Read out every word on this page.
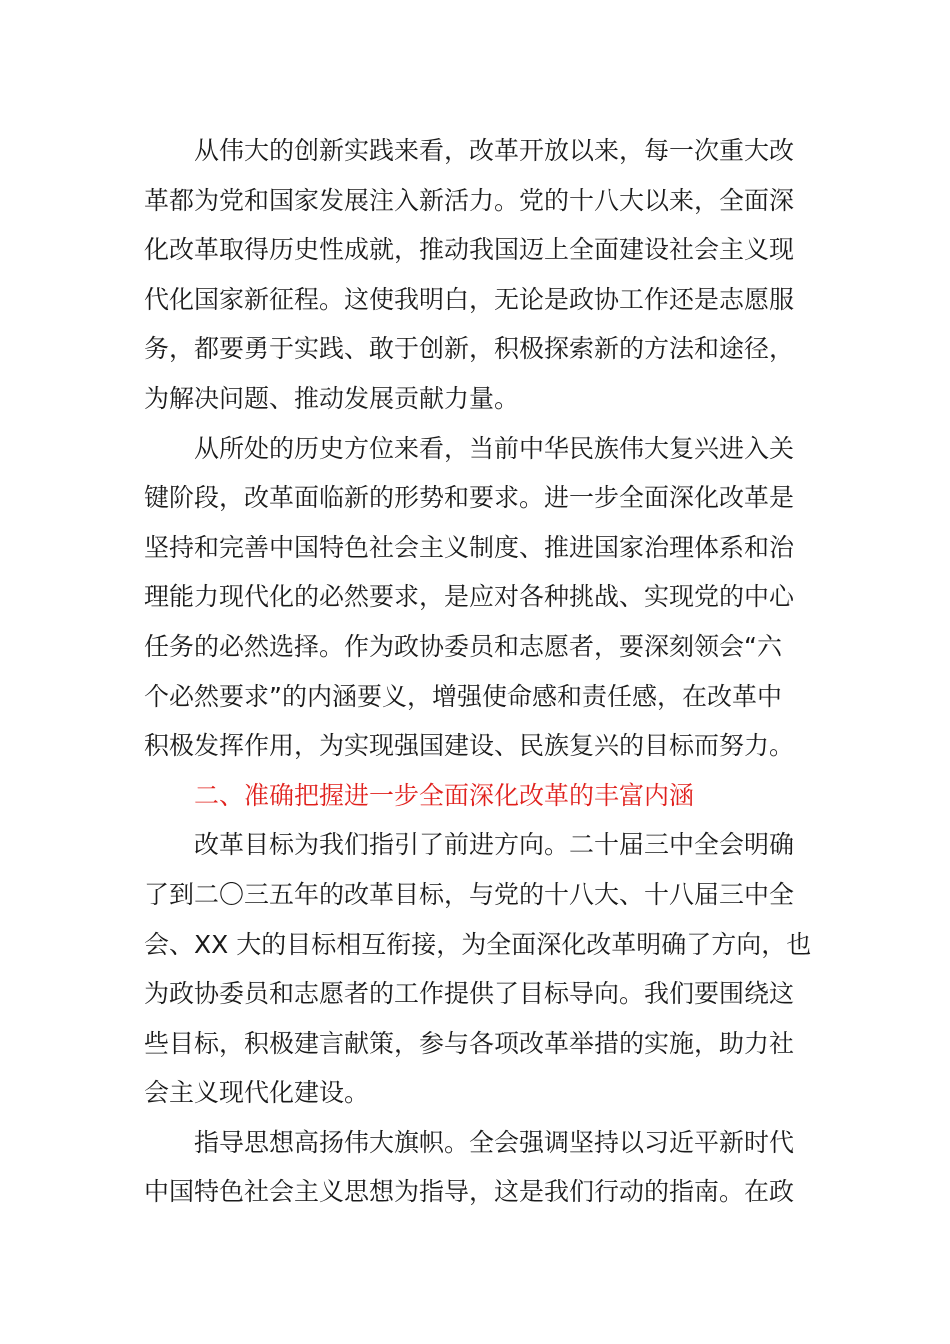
从伟大的创新实践来看，改革开放以来，每一次重大改
革都为党和国家发展注入新活力。党的十八大以来，全面深
化改革取得历史性成就，推动我国迈上全面建设社会主义现
代化国家新征程。这使我明白，无论是政协工作还是志愿服
务，都要勇于实践、敢于创新，积极探索新的方法和途径，
为解决问题、推动发展贡献力量。
从所处的历史方位来看，当前中华民族伟大复兴进入关
键阶段，改革面临新的形势和要求。进一步全面深化改革是
坚持和完善中国特色社会主义制度、推进国家治理体系和治
理能力现代化的必然要求，是应对各种挑战、实现党的中心
任务的必然选择。作为政协委员和志愿者，要深刻领会“六
个必然要求”的内涵要义，增强使命感和责任感，在改革中
积极发挥作用，为实现强国建设、民族复兴的目标而努力。
二、准确把握进一步全面深化改革的丰富内涵
改革目标为我们指引了前进方向。二十届三中全会明确
了到二〇三五年的改革目标，与党的十八大、十八届三中全
会、XX 大的目标相互衔接，为全面深化改革明确了方向，也
为政协委员和志愿者的工作提供了目标导向。我们要围绕这
些目标，积极建言献策，参与各项改革举措的实施，助力社
会主义现代化建设。
指导思想高扬伟大旗帜。全会强调坚持以习近平新时代
中国特色社会主义思想为指导，这是我们行动的指南。在政
